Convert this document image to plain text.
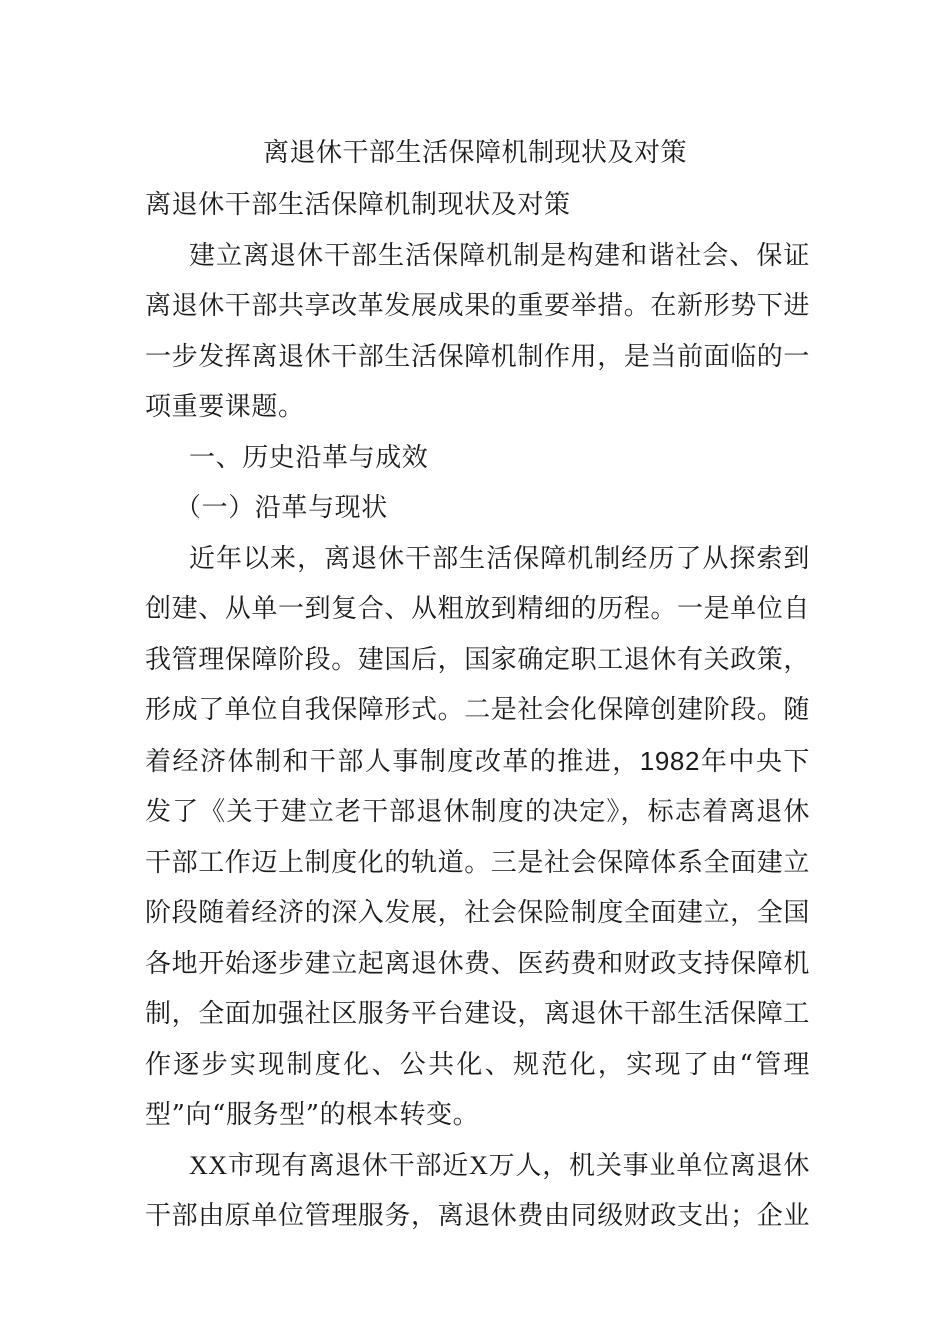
离退休干部生活保障机制现状及对策

离退休干部生活保障机制现状及对策

建立离退休干部生活保障机制是构建和谐社会、保证离退休干部共享改革发展成果的重要举措。在新形势下进一步发挥离退休干部生活保障机制作用，是当前面临的一项重要课题。

一、历史沿革与成效

（一）沿革与现状

近年以来，离退休干部生活保障机制经历了从探索到创建、从单一到复合、从粗放到精细的历程。一是单位自我管理保障阶段。建国后，国家确定职工退休有关政策，形成了单位自我保障形式。二是社会化保障创建阶段。随着经济体制和干部人事制度改革的推进，1982年中央下发了《关于建立老干部退休制度的决定》，标志着离退休干部工作迈上制度化的轨道。三是社会保障体系全面建立阶段随着经济的深入发展，社会保险制度全面建立，全国各地开始逐步建立起离退休费、医药费和财政支持保障机制，全面加强社区服务平台建设，离退休干部生活保障工作逐步实现制度化、公共化、规范化，实现了由“管理型”向“服务型”的根本转变。

XX市现有离退休干部近X万人，机关事业单位离退休干部由原单位管理服务，离退休费由同级财政支出；企业
